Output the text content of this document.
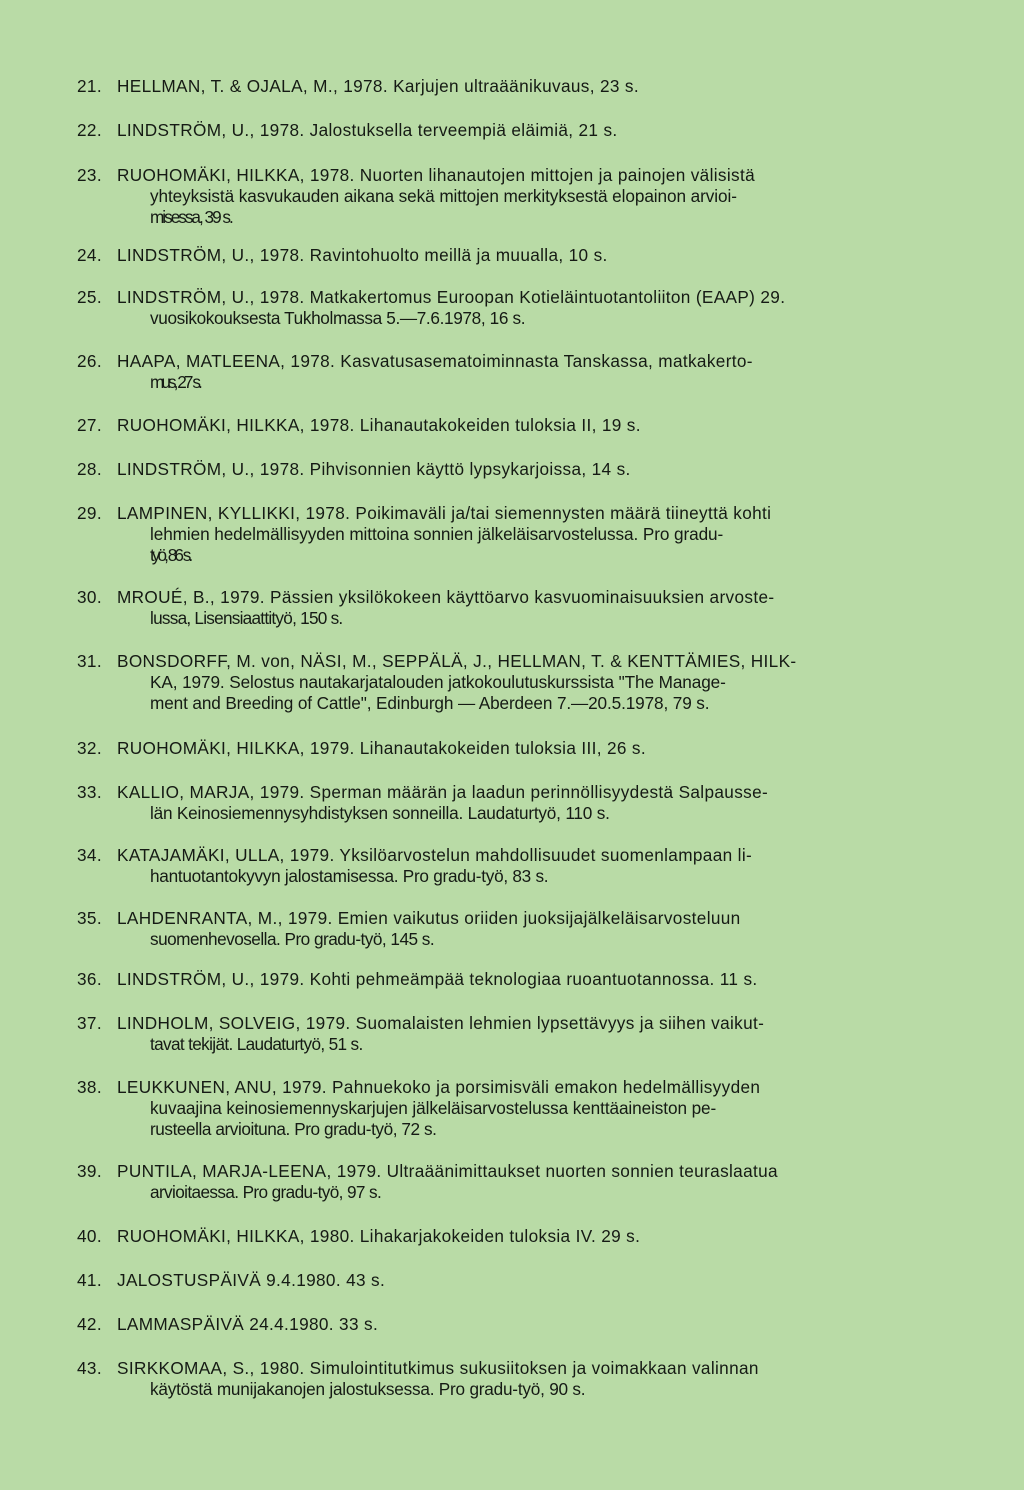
21. HELLMAN, T. & OJALA, M., 1978. Karjujen ultraäänikuvaus, 23 s.
22. LINDSTRÖM, U., 1978. Jalostuksella terveempiä eläimiä, 21 s.
23. RUOHOMÄKI, HILKKA, 1978. Nuorten lihanautojen mittojen ja painojen välisistä
yhteyksistä kasvukauden aikana sekä mittojen merkityksestä elopainon arvioi-
misessa, 39 s.
24. LINDSTRÖM, U., 1978. Ravintohuolto meillä ja muualla, 10 s.
25. LINDSTRÖM, U., 1978. Matkakertomus Euroopan Kotieläintuotantoliiton (EAAP) 29.
vuosikokouksesta Tukholmassa 5.—7.6.1978, 16 s.
26. HAAPA, MATLEENA, 1978. Kasvatusasematoiminnasta Tanskassa, matkakerto-
mus, 27 s.
27. RUOHOMÄKI, HILKKA, 1978. Lihanautakokeiden tuloksia II, 19 s.
28. LINDSTRÖM, U., 1978. Pihvisonnien käyttö lypsykarjoissa, 14 s.
29. LAMPINEN, KYLLIKKI, 1978. Poikimaväli ja/tai siemennysten määrä tiineyttä kohti
lehmien hedelmällisyyden mittoina sonnien jälkeläisarvostelussa. Pro gradu-
työ, 86 s.
30. MROUÉ, B., 1979. Pässien yksilökokeen käyttöarvo kasvuominaisuuksien arvoste-
lussa, Lisensiaattityö, 150 s.
31. BONSDORFF, M. von, NÄSI, M., SEPPÄLÄ, J., HELLMAN, T. & KENTTÄMIES, HILK-
KA, 1979. Selostus nautakarjatalouden jatkokoulutuskurssista "The Manage-
ment and Breeding of Cattle", Edinburgh — Aberdeen 7.—20.5.1978, 79 s.
32. RUOHOMÄKI, HILKKA, 1979. Lihanautakokeiden tuloksia III, 26 s.
33. KALLIO, MARJA, 1979. Sperman määrän ja laadun perinnöllisyydestä Salpausse-
län Keinosiemennysyhdistyksen sonneilla. Laudaturtyö, 110 s.
34. KATAJAMÄKI, ULLA, 1979. Yksilöarvostelun mahdollisuudet suomenlampaan li-
hantuotantokyvyn jalostamisessa. Pro gradu-työ, 83 s.
35. LAHDENRANTA, M., 1979. Emien vaikutus oriiden juoksijajälkeläisarvosteluun
suomenhevosella. Pro gradu-työ, 145 s.
36. LINDSTRÖM, U., 1979. Kohti pehmeämpää teknologiaa ruoantuotannossa. 11 s.
37. LINDHOLM, SOLVEIG, 1979. Suomalaisten lehmien lypsettävyys ja siihen vaikut-
tavat tekijät. Laudaturtyö, 51 s.
38. LEUKKUNEN, ANU, 1979. Pahnuekoko ja porsimisväli emakon hedelmällisyyden
kuvaajina keinosiemennyskarjujen jälkeläisarvostelussa kenttäaineiston pe-
rusteella arvioituna. Pro gradu-työ, 72 s.
39. PUNTILA, MARJA-LEENA, 1979. Ultraäänimittaukset nuorten sonnien teuraslaatua
arvioitaessa. Pro gradu-työ, 97 s.
40. RUOHOMÄKI, HILKKA, 1980. Lihakarjakokeiden tuloksia IV. 29 s.
41. JALOSTUSPÄIVÄ 9.4.1980. 43 s.
42. LAMMASPÄIVÄ 24.4.1980. 33 s.
43. SIRKKOMAA, S., 1980. Simulointitutkimus sukusiitoksen ja voimakkaan valinnan
käytöstä munijakanojen jalostuksessa. Pro gradu-työ, 90 s.
